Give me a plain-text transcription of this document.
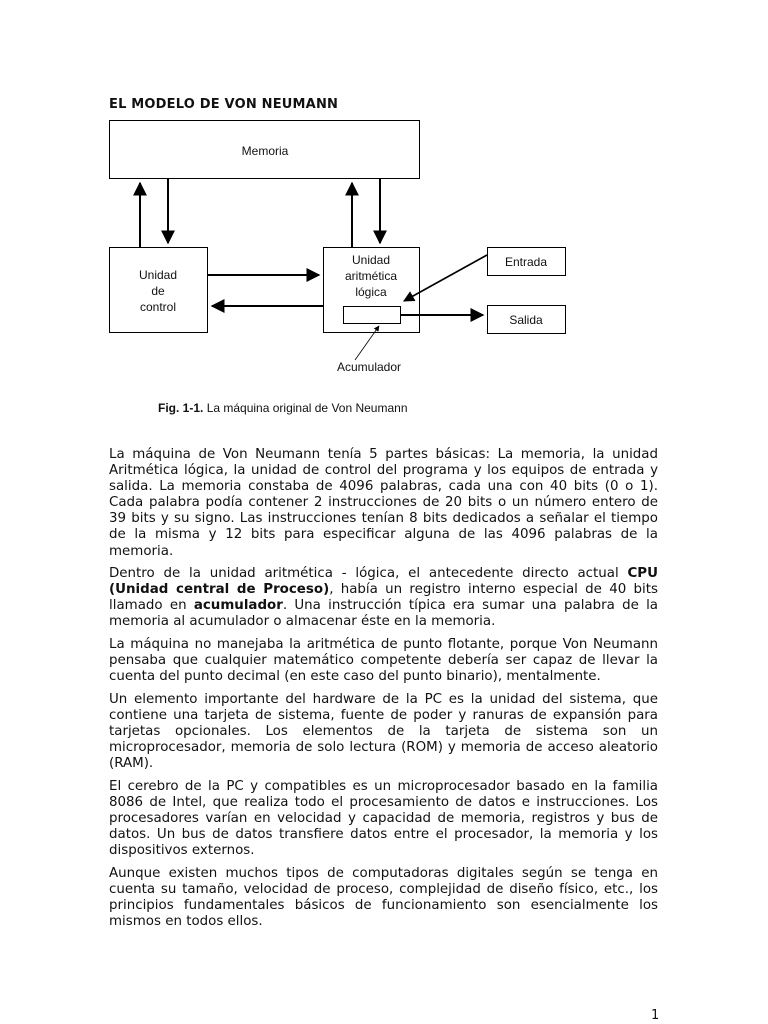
EL MODELO DE VON NEUMANN
Memoria
Unidad
de
control
Unidad
aritmética
lógica
Entrada
Salida
Acumulador
Fig. 1-1. La máquina original de Von Neumann

La máquina de Von Neumann tenía 5 partes básicas: La memoria, la unidad Aritmética lógica, la unidad de control del programa y los equipos de entrada y salida. La memoria constaba de 4096 palabras, cada una con 40 bits (0 o 1). Cada palabra podía contener 2 instrucciones de 20 bits o un número entero de 39 bits y su signo. Las instrucciones tenían 8 bits dedicados a señalar el tiempo de la misma y 12 bits para especificar alguna de las 4096 palabras de la memoria.

Dentro de la unidad aritmética - lógica, el antecedente directo actual CPU (Unidad central de Proceso), había un registro interno especial de 40 bits llamado en acumulador. Una instrucción típica era sumar una palabra de la memoria al acumulador o almacenar éste en la memoria.

La máquina no manejaba la aritmética de punto flotante, porque Von Neumann pensaba que cualquier matemático competente debería ser capaz de llevar la cuenta del punto decimal (en este caso del punto binario), mentalmente.

Un elemento importante del hardware de la PC es la unidad del sistema, que contiene una tarjeta de sistema, fuente de poder y ranuras de expansión para tarjetas opcionales. Los elementos de la tarjeta de sistema son un microprocesador, memoria de solo lectura (ROM) y memoria de acceso aleatorio (RAM).

El cerebro de la PC y compatibles es un microprocesador basado en la familia 8086 de Intel, que realiza todo el procesamiento de datos e instrucciones. Los procesadores varían en velocidad y capacidad de memoria, registros y bus de datos. Un bus de datos transfiere datos entre el procesador, la memoria y los dispositivos externos.

Aunque existen muchos tipos de computadoras digitales según se tenga en cuenta su tamaño, velocidad de proceso, complejidad de diseño físico, etc., los principios fundamentales básicos de funcionamiento son esencialmente los mismos en todos ellos.

1
